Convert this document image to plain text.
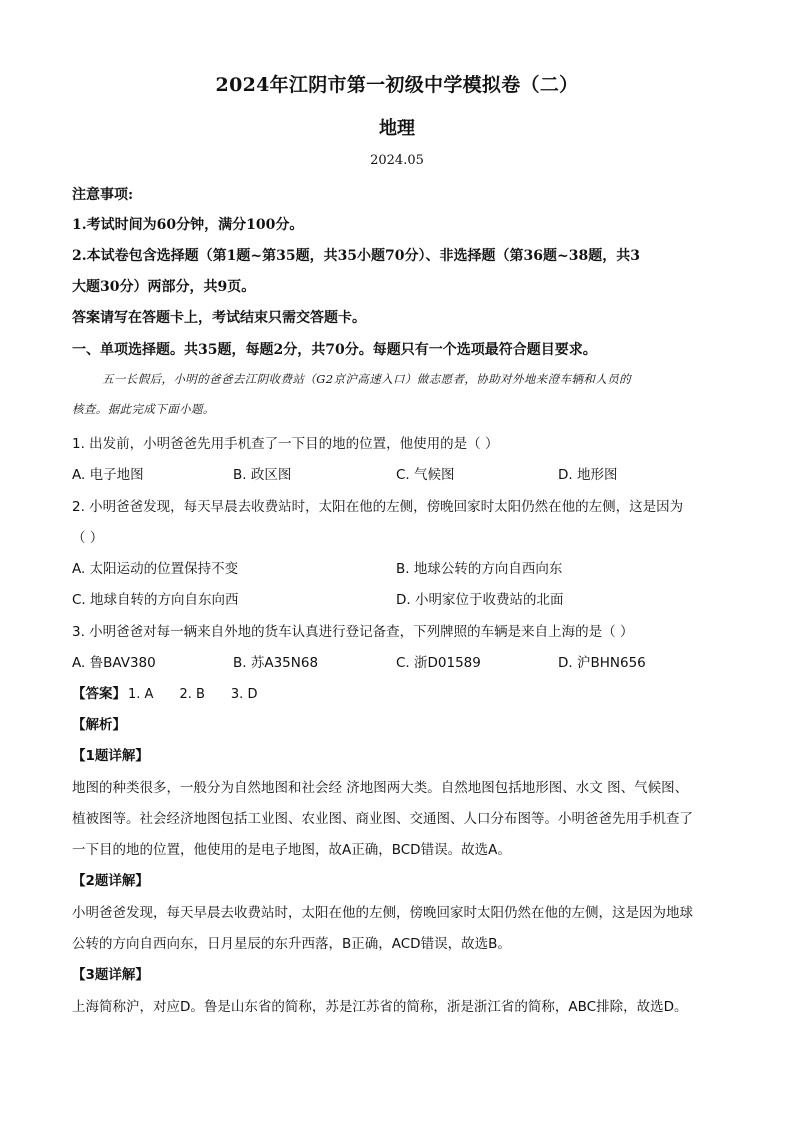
2024年江阴市第一初级中学模拟卷（二）
地理
2024.05
注意事项:
1.考试时间为60分钟，满分100分。
2.本试卷包含选择题（第1题~第35题，共35小题70分）、非选择题（第36题~38题，共3
大题30分）两部分，共9页。
答案请写在答题卡上，考试结束只需交答题卡。
一、单项选择题。共35题，每题2分，共70分。每题只有一个选项最符合题目要求。
五一长假后，小明的爸爸去江阴收费站（G2京沪高速入口）做志愿者，协助对外地来澄车辆和人员的
核查。据此完成下面小题。
1. 出发前，小明爸爸先用手机查了一下目的地的位置，他使用的是（ ）
A. 电子地图	B. 政区图	C. 气候图	D. 地形图
2. 小明爸爸发现，每天早晨去收费站时，太阳在他的左侧，傍晚回家时太阳仍然在他的左侧，这是因为
（ ）
A. 太阳运动的位置保持不变	B. 地球公转的方向自西向东
C. 地球自转的方向自东向西	D. 小明家位于收费站的北面
3. 小明爸爸对每一辆来自外地的货车认真进行登记备查，下列牌照的车辆是来自上海的是（ ）
A. 鲁BAV380	B. 苏A35N68	C. 浙D01589	D. 沪BHN656
【答案】 1. A 2. B 3. D
【解析】
【1题详解】
地图的种类很多，一般分为自然地图和社会经 济地图两大类。自然地图包括地形图、水文 图、气候图、
植被图等。社会经济地图包括工业图、农业图、商业图、交通图、人口分布图等。小明爸爸先用手机查了
一下目的地的位置，他使用的是电子地图，故A正确，BCD错误。故选A。
【2题详解】
小明爸爸发现，每天早晨去收费站时，太阳在他的左侧，傍晚回家时太阳仍然在他的左侧，这是因为地球
公转的方向自西向东，日月星辰的东升西落，B正确，ACD错误，故选B。
【3题详解】
上海简称沪，对应D。鲁是山东省的简称，苏是江苏省的简称，浙是浙江省的简称，ABC排除，故选D。
